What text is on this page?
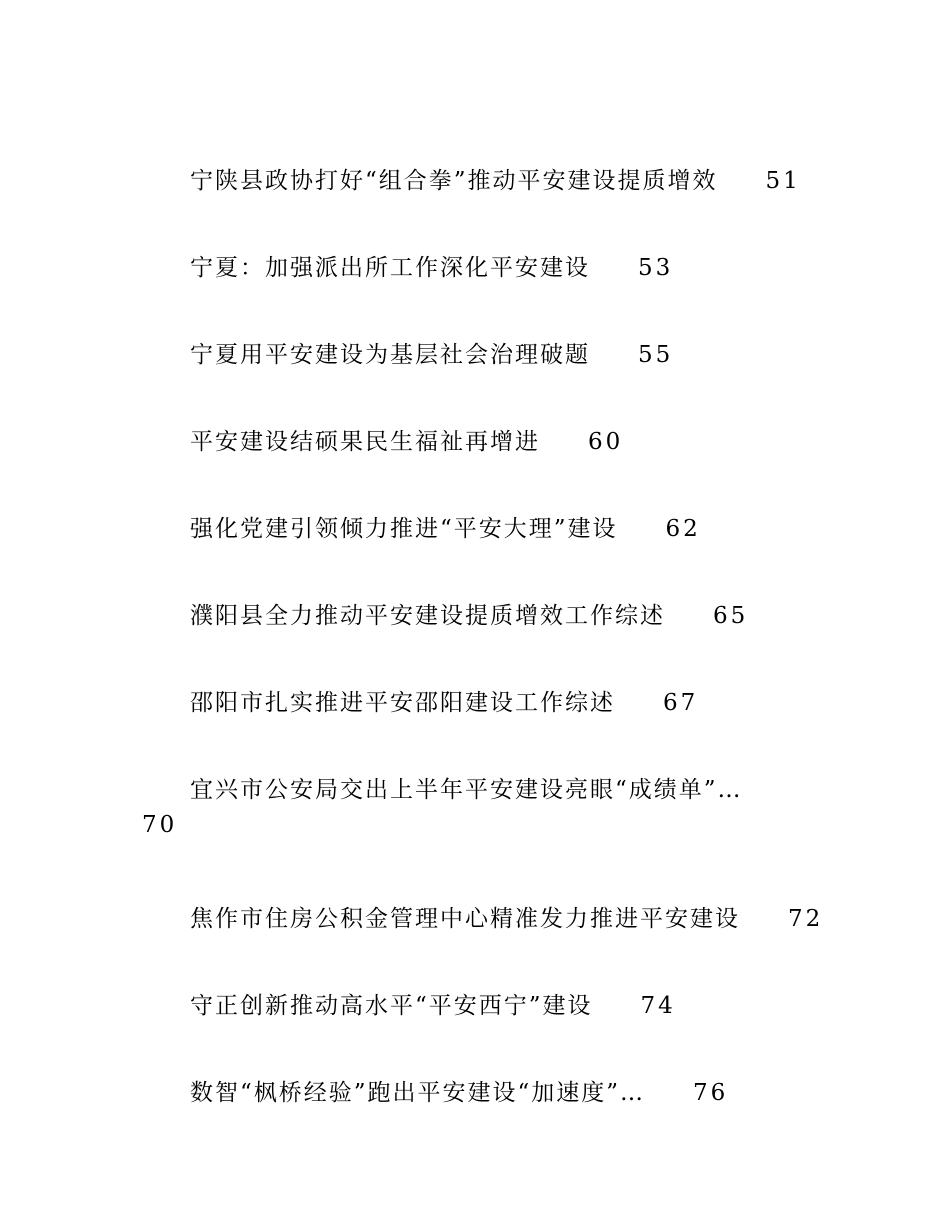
宁陕县政协打好“组合拳”推动平安建设提质增效 51
宁夏：加强派出所工作深化平安建设 53
宁夏用平安建设为基层社会治理破题 55
平安建设结硕果民生福祉再增进 60
强化党建引领倾力推进“平安大理”建设 62
濮阳县全力推动平安建设提质增效工作综述 65
邵阳市扎实推进平安邵阳建设工作综述 67
宜兴市公安局交出上半年平安建设亮眼“成绩单”…
70
焦作市住房公积金管理中心精准发力推进平安建设 72
守正创新推动高水平“平安西宁”建设 74
数智“枫桥经验”跑出平安建设“加速度”… 76
